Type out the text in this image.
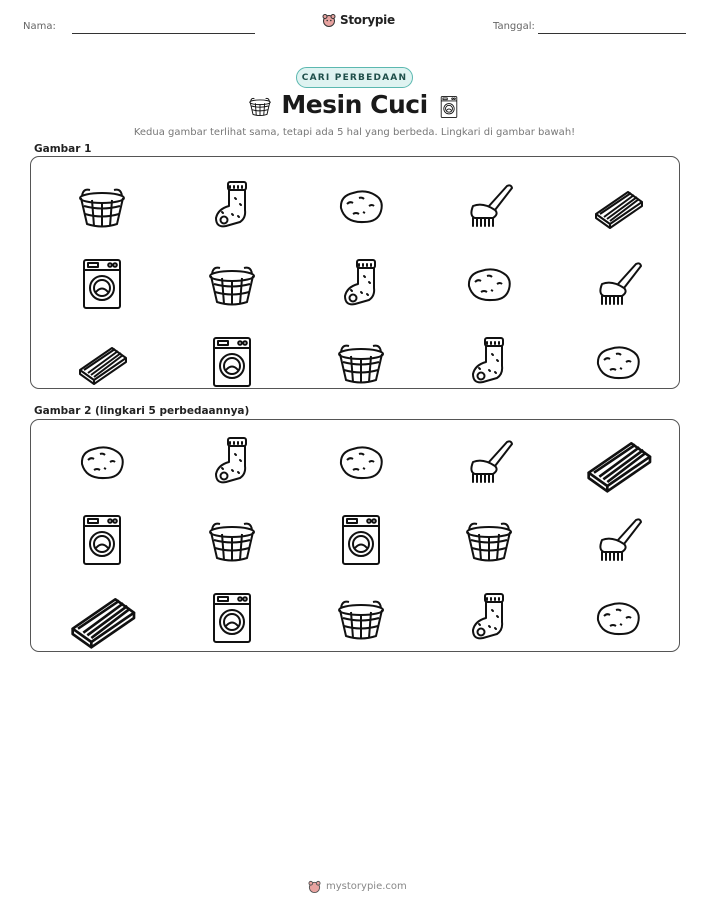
Nama:	Storypie	Tanggal:
CARI PERBEDAAN
Mesin Cuci
Kedua gambar terlihat sama, tetapi ada 5 hal yang berbeda. Lingkari di gambar bawah!
Gambar 1
Gambar 2 (lingkari 5 perbedaannya)
mystorypie.com
